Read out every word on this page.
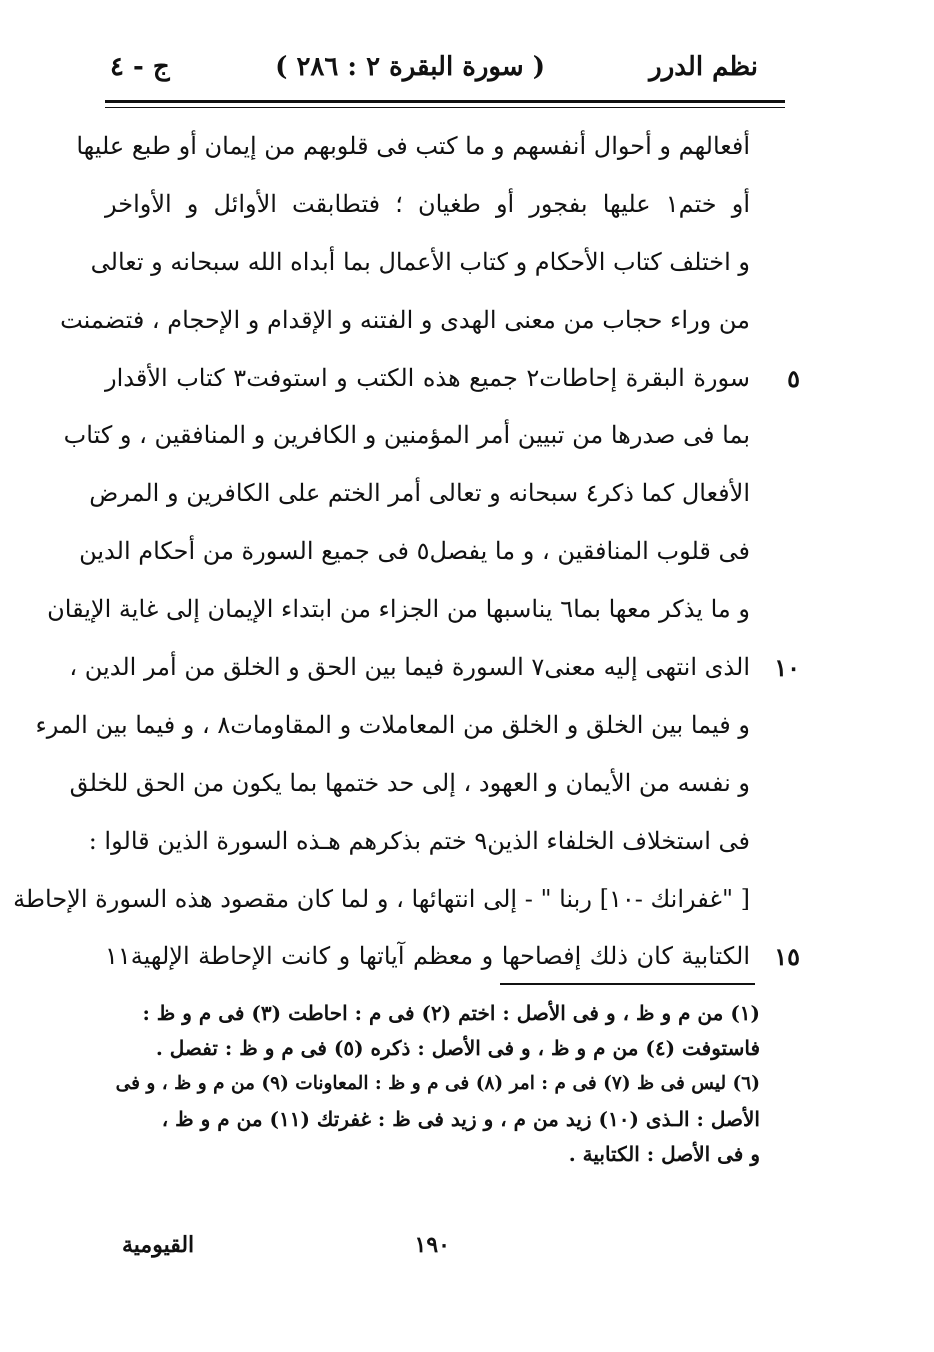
نظم الدرر
( سورة البقرة ٢ : ٢٨٦ )
ج - ٤
أفعالهم و أحوال أنفسهم و ما كتب فى قلوبهم من إيمان أو طبع عليها
أو ختم١ عليها بفجور أو طغيان ؛ فتطابقت الأوائل و الأواخر
و اختلف كتاب الأحكام و كتاب الأعمال بما أبداه الله سبحانه و تعالى
من وراء حجاب من معنى الهدى و الفتنه و الإقدام و الإحجام ، فتضمنت
سورة البقرة إحاطات٢ جميع هذه الكتب و استوفت٣ كتاب الأقدار	٥
بما فى صدرها من تبيين أمر المؤمنين و الكافرين و المنافقين ، و كتاب
الأفعال كما ذكر٤ سبحانه و تعالى أمر الختم على الكافرين و المرض
فى قلوب المنافقين ، و ما يفصل٥ فى جميع السورة من أحكام الدين
و ما يذكر معها بما٦ يناسبها من الجزاء من ابتداء الإيمان إلى غاية الإيقان
الذى انتهى إليه معنى٧ السورة فيما بين الحق و الخلق من أمر الدين ،	١٠
و فيما بين الخلق و الخلق من المعاملات و المقاومات٨ ، و فيما بين المرء
و نفسه من الأيمان و العهود ، إلى حد ختمها بما يكون من الحق للخلق
فى استخلاف الخلفاء الذين٩ ختم بذكرهم هـذه السورة الذين قالوا :
[ "غفرانك -١٠] ربنا " - إلى انتهائها ، و لما كان مقصود هذه السورة الإحاطة
الكتابية كان ذلك إفصاحها و معظم آياتها و كانت الإحاطة الإلهية١١	١٥
(١) من م و ظ ، و فى الأصل : اختم (٢) فى م : احاطت (٣) فى م و ظ :
فاستوفت (٤) من م و ظ ، و فى الأصل : ذكره (٥) فى م و ظ : تفصل .
(٦) ليس فى ظ (٧) فى م : امر (٨) فى م و ظ : المعاونات (٩) من م و ظ ، و فى
الأصل : الـذى (١٠) زيد من م ، و زيد فى ظ : غفرتك (١١) من م و ظ ،
و فى الأصل : الكتابية .
١٩٠
القيومية
